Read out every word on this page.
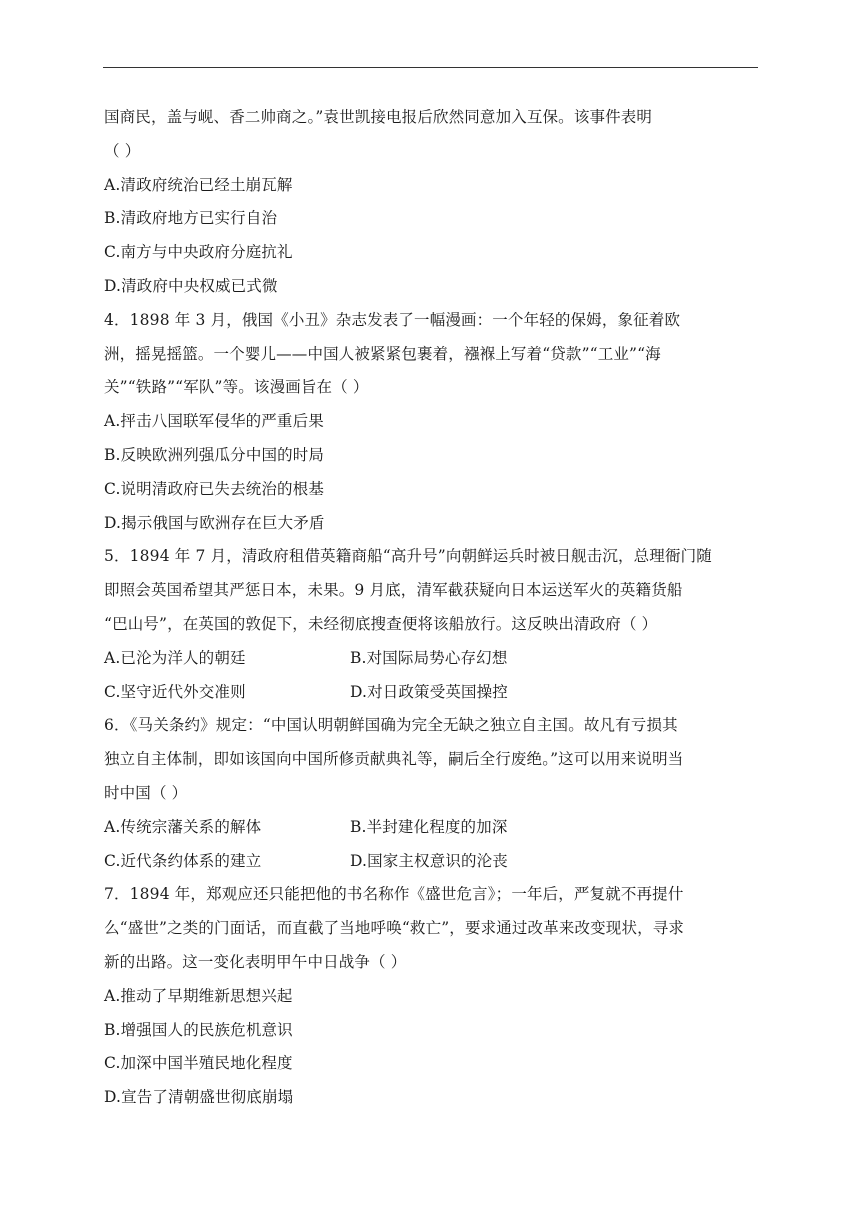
国商民，盖与岘、香二帅商之。”袁世凯接电报后欣然同意加入互保。该事件表明
（ ）
A.清政府统治已经土崩瓦解
B.清政府地方已实行自治
C.南方与中央政府分庭抗礼
D.清政府中央权威已式微
4．1898 年 3 月，俄国《小丑》杂志发表了一幅漫画：一个年轻的保姆，象征着欧
洲，摇晃摇篮。一个婴儿——中国人被紧紧包裹着，襁褓上写着“贷款”“工业”“海
关”“铁路”“军队”等。该漫画旨在（ ）
A.抨击八国联军侵华的严重后果
B.反映欧洲列强瓜分中国的时局
C.说明清政府已失去统治的根基
D.揭示俄国与欧洲存在巨大矛盾
5．1894 年 7 月，清政府租借英籍商船“高升号”向朝鲜运兵时被日舰击沉，总理衙门随
即照会英国希望其严惩日本，未果。9 月底，清军截获疑向日本运送军火的英籍货船
“巴山号”，在英国的敦促下，未经彻底搜查便将该船放行。这反映出清政府（ ）
A.已沦为洋人的朝廷	B.对国际局势心存幻想
C.坚守近代外交准则	D.对日政策受英国操控
6．《马关条约》规定：“中国认明朝鲜国确为完全无缺之独立自主国。故凡有亏损其
独立自主体制，即如该国向中国所修贡献典礼等，嗣后全行废绝。”这可以用来说明当
时中国（ ）
A.传统宗藩关系的解体	B.半封建化程度的加深
C.近代条约体系的建立	D.国家主权意识的沦丧
7．1894 年，郑观应还只能把他的书名称作《盛世危言》；一年后，严复就不再提什
么“盛世”之类的门面话，而直截了当地呼唤“救亡”，要求通过改革来改变现状，寻求
新的出路。这一变化表明甲午中日战争（ ）
A.推动了早期维新思想兴起
B.增强国人的民族危机意识
C.加深中国半殖民地化程度
D.宣告了清朝盛世彻底崩塌
